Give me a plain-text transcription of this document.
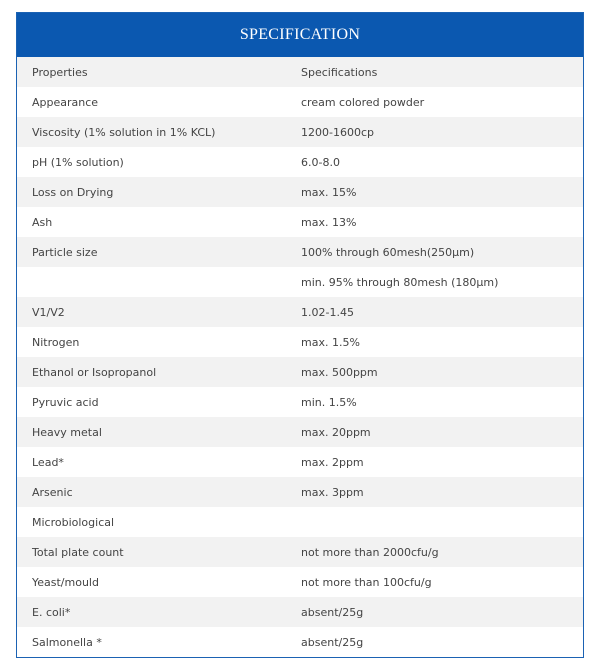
SPECIFICATION
Properties	Specifications
Appearance	cream colored powder
Viscosity (1% solution in 1% KCL)	1200-1600cp
pH (1% solution)	6.0-8.0
Loss on Drying	max. 15%
Ash	max. 13%
Particle size	100% through 60mesh(250μm)
	min. 95% through 80mesh (180μm)
V1/V2	1.02-1.45
Nitrogen	max. 1.5%
Ethanol or Isopropanol	max. 500ppm
Pyruvic acid	min. 1.5%
Heavy metal	max. 20ppm
Lead*	max. 2ppm
Arsenic	max. 3ppm
Microbiological	
Total plate count	not more than 2000cfu/g
Yeast/mould	not more than 100cfu/g
E. coli*	absent/25g
Salmonella *	absent/25g
